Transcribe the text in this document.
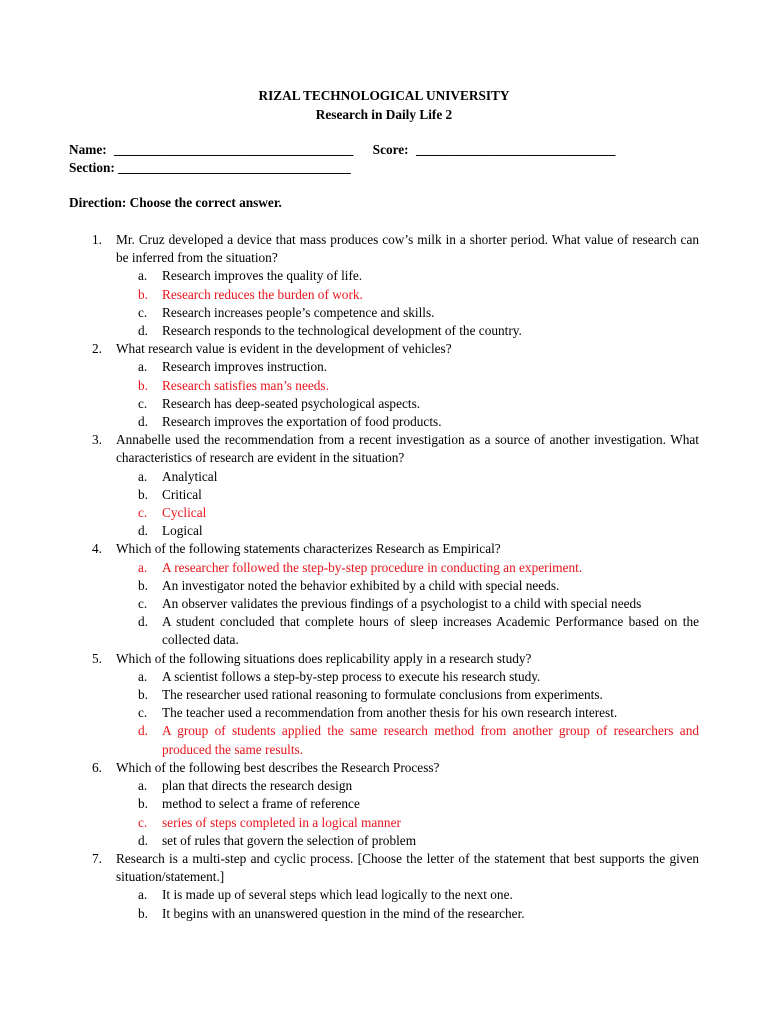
RIZAL TECHNOLOGICAL UNIVERSITY
Research in Daily Life 2
Name: ____________________________________ Score: ______________________________
Section: ___________________________________
Direction: Choose the correct answer.
1. Mr. Cruz developed a device that mass produces cow’s milk in a shorter period. What value of research can be inferred from the situation?
a.	Research improves the quality of life.
b.	Research reduces the burden of work.
c.	Research increases people’s competence and skills.
d.	Research responds to the technological development of the country.
2. What research value is evident in the development of vehicles?
a.	Research improves instruction.
b.	Research satisfies man’s needs.
c.	Research has deep-seated psychological aspects.
d.	Research improves the exportation of food products.
3. Annabelle used the recommendation from a recent investigation as a source of another investigation. What characteristics of research are evident in the situation?
a.	Analytical
b.	Critical
c.	Cyclical
d.	Logical
4. Which of the following statements characterizes Research as Empirical?
a.	A researcher followed the step-by-step procedure in conducting an experiment.
b.	An investigator noted the behavior exhibited by a child with special needs.
c.	An observer validates the previous findings of a psychologist to a child with special needs
d.	A student concluded that complete hours of sleep increases Academic Performance based on the collected data.
5. Which of the following situations does replicability apply in a research study?
a.	A scientist follows a step-by-step process to execute his research study.
b.	The researcher used rational reasoning to formulate conclusions from experiments.
c.	The teacher used a recommendation from another thesis for his own research interest.
d.	A group of students applied the same research method from another group of researchers and produced the same results.
6. Which of the following best describes the Research Process?
a.	plan that directs the research design
b.	method to select a frame of reference
c.	series of steps completed in a logical manner
d.	set of rules that govern the selection of problem
7. Research is a multi-step and cyclic process. [Choose the letter of the statement that best supports the given situation/statement.]
a.	It is made up of several steps which lead logically to the next one.
b.	It begins with an unanswered question in the mind of the researcher.
